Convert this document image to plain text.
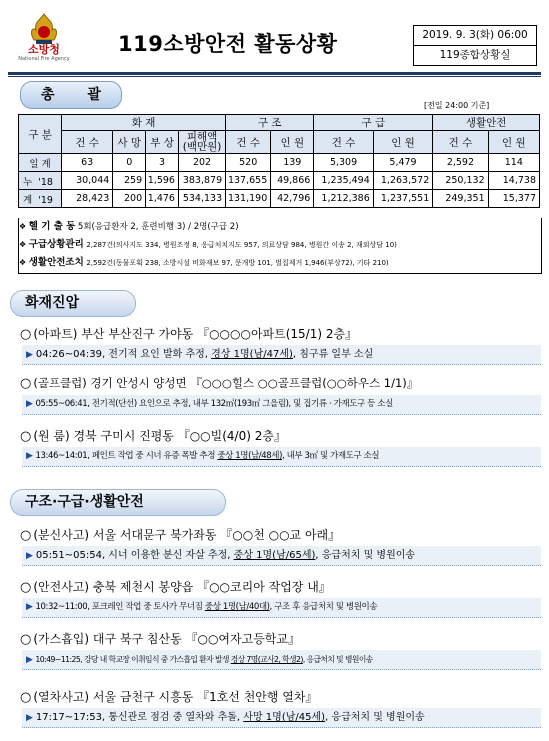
소방청
National Fire Agency
119소방안전 활동상황	2019. 9. 3(화) 06:00
119종합상황실
총 괄
[전일 24:00 기준]
구 분	화 재				구 조		구 급		생활안전	
	건 수	사 망	부 상	피해액
(백만원)	건 수	인 원	건 수	인 원	건 수	인 원
일 계	63	0	3	202	520	139	5,309	5,479	2,592	114
누 '18	30,044	259	1,596	383,879	137,655	49,866	1,235,494	1,263,572	250,132	14,738
계 '19	28,423	200	1,476	534,133	131,190	42,796	1,212,386	1,237,551	249,351	15,377
❖ 헬 기 출 동 5회(응급환자 2, 훈련비행 3) / 2명(구급 2)
❖ 구급상황관리 2,287건(의사지도 334, 병원조정 8, 응급처치지도 957, 의료상담 984, 병원간 이송 2, 재외상담 10)
❖ 생활안전조치 2,592건(동물포획 238, 소방시설 비화재보 97, 문개방 101, 벌집제거 1,946(부상72), 기타 210)
화재진압
○ (아파트) 부산 부산진구 가야동 『○○○○아파트(15/1) 2층』
▶ 04:26~04:39, 전기적 요인 발화 추정, 경상 1명(남/47세), 침구류 일부 소실
○ (골프클럽) 경기 안성시 양성면 『○○○힐스 ○○골프클럽(○○하우스 1/1)』
▶ 05:55~06:41, 전기적(단선) 요인으로 추정, 내부 132㎡(193㎡ 그을림), 및 집기류 · 가재도구 등 소실
○ (원 룸) 경북 구미시 진평동 『○○빌(4/0) 2층』
▶ 13:46~14:01, 페인트 작업 중 시너 유증 폭발 추정 중상 1명(남/48세), 내부 3㎡ 및 가재도구 소실
구조·구급·생활안전
○ (분신사고) 서울 서대문구 북가좌동 『○○천 ○○교 아래』
▶ 05:51~05:54, 시너 이용한 분신 자살 추정, 중상 1명(남/65세), 응급처치 및 병원이송
○ (안전사고) 충북 제천시 봉양읍 『○○코리아 작업장 내』
▶ 10:32~11:00, 포크레인 작업 중 토사가 무너짐 중상 1명(남/40대), 구조 후 응급처치 및 병원이송
○ (가스흡입) 대구 북구 침산동 『○○여자고등학교』
▶ 10:49~11:25, 강당 내 학교장 이취임식 중 가스흡입 환자 발생 경상 7명(교사2, 학생2), 응급처치 및 병원이송
○ (열차사고) 서울 금천구 시흥동 『1호선 천안행 열차』
▶ 17:17~17:53, 통신관로 점검 중 열차와 추돌, 사망 1명(남/45세), 응급처치 및 병원이송
